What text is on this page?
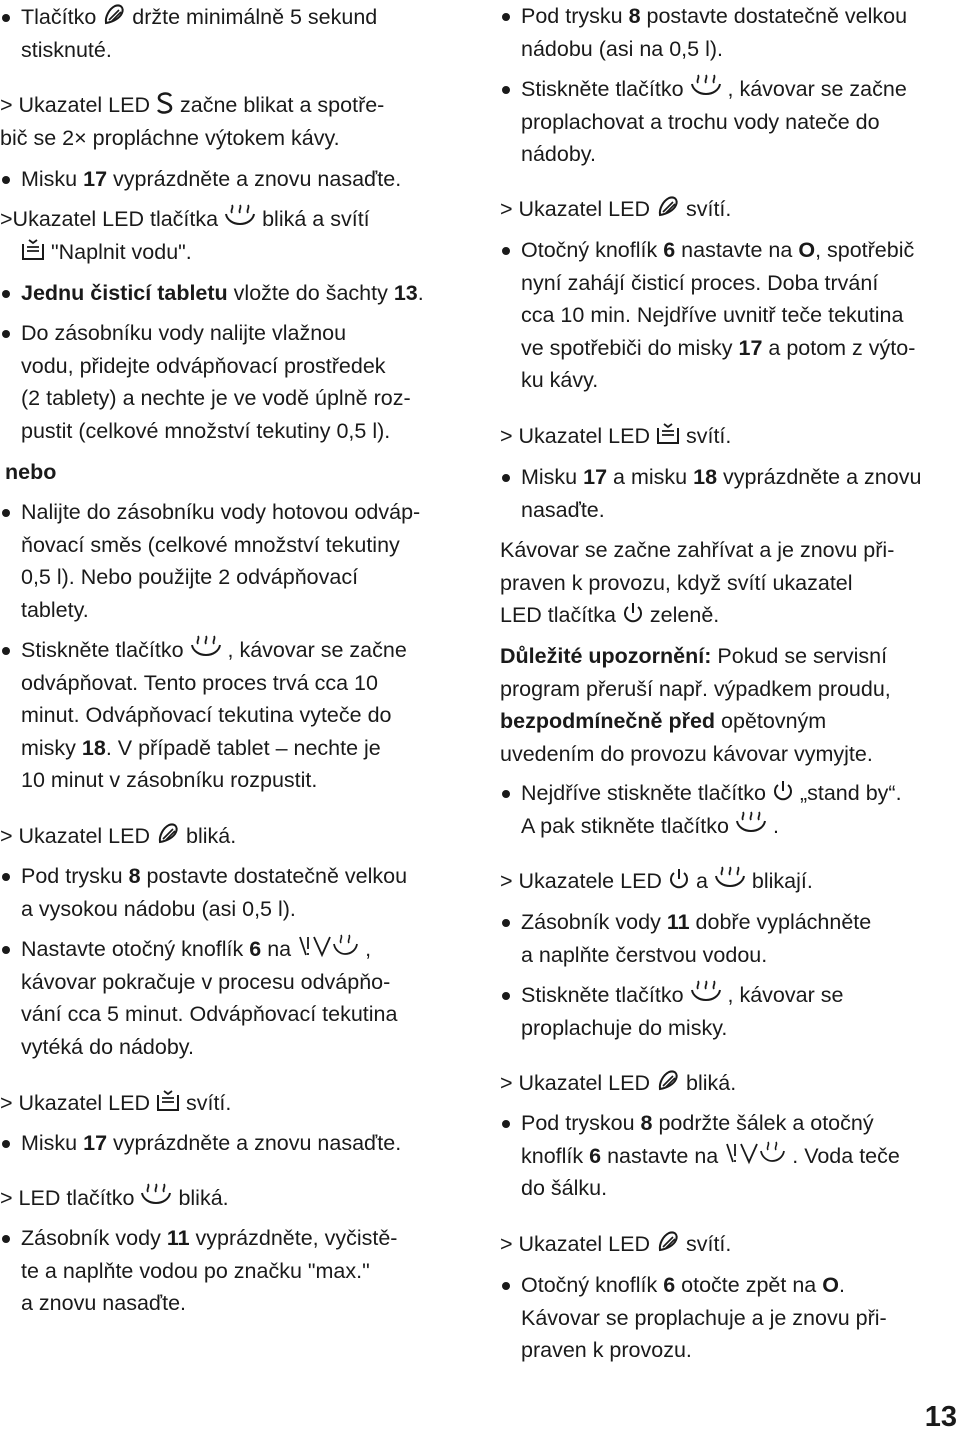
Tlačítko držte minimálně 5 sekund
stisknuté.
> Ukazatel LED začne blikat a spotře-
bič se 2× propláchne výtokem kávy.
Misku 17 vyprázdněte a znovu nasaďte.
>Ukazatel LED tlačítka bliká a svítí

"Naplnit vodu".
Jednu čisticí tabletu vložte do šachty 13.
Do zásobníku vody nalijte vlažnou
vodu, přidejte odvápňovací prostředek
(2 tablety) a nechte je ve vodě úplně roz-
pustit (celkové množství tekutiny 0,5 l).
nebo
Nalijte do zásobníku vody hotovou odváp-
ňovací směs (celkové množství tekutiny
0,5 l). Nebo použijte 2 odvápňovací
tablety.
Stiskněte tlačítko , kávovar se začne
odvápňovat. Tento proces trvá cca 10
minut. Odvápňovací tekutina vyteče do
misky 18. V případě tablet – nechte je
10 minut v zásobníku rozpustit.
> Ukazatel LED bliká.
Pod trysku 8 postavte dostatečně velkou
a vysokou nádobu (asi 0,5 l).
Nastavte otočný knoflík 6 na	,
kávovar pokračuje v procesu odvápňo-
vání cca 5 minut. Odvápňovací tekutina
vytéká do nádoby.
> Ukazatel LED svítí.
Misku 17 vyprázdněte a znovu nasaďte.
> LED tlačítko bliká.
Zásobník vody 11 vyprázdněte, vyčistě-
te a naplňte vodou po značku "max."
a znovu nasaďte.
Pod trysku 8 postavte dostatečně velkou
nádobu (asi na 0,5 l).
Stiskněte tlačítko , kávovar se začne
proplachovat a trochu vody nateče do
nádoby.
> Ukazatel LED svítí.
Otočný knoflík 6 nastavte na O, spotřebič
nyní zahájí čisticí proces. Doba trvání
cca 10 min. Nejdříve uvnitř teče tekutina
ve spotřebiči do misky 17 a potom z výto-
ku kávy.
> Ukazatel LED svítí.
Misku 17 a misku 18 vyprázdněte a znovu
nasaďte.
Kávovar se začne zahřívat a je znovu při-
praven k provozu, když svítí ukazatel
LED tlačítka zeleně.
Důležité upozornění: Pokud se servisní
program přeruší např. výpadkem proudu,
bezpodmínečně před opětovným
uvedením do provozu kávovar vymyjte.
Nejdříve stiskněte tlačítko „stand by“.
A pak stikněte tlačítko .
> Ukazatele LED a blikají.
Zásobník vody 11 dobře vypláchněte
a naplňte čerstvou vodou.
Stiskněte tlačítko , kávovar se
proplachuje do misky.
> Ukazatel LED bliká.
Pod tryskou 8 podržte šálek a otočný
knoflík 6 nastavte na	. Voda teče
do šálku.
> Ukazatel LED svítí.
Otočný knoflík 6 otočte zpět na O.
Kávovar se proplachuje a je znovu při-
praven k provozu.
13
